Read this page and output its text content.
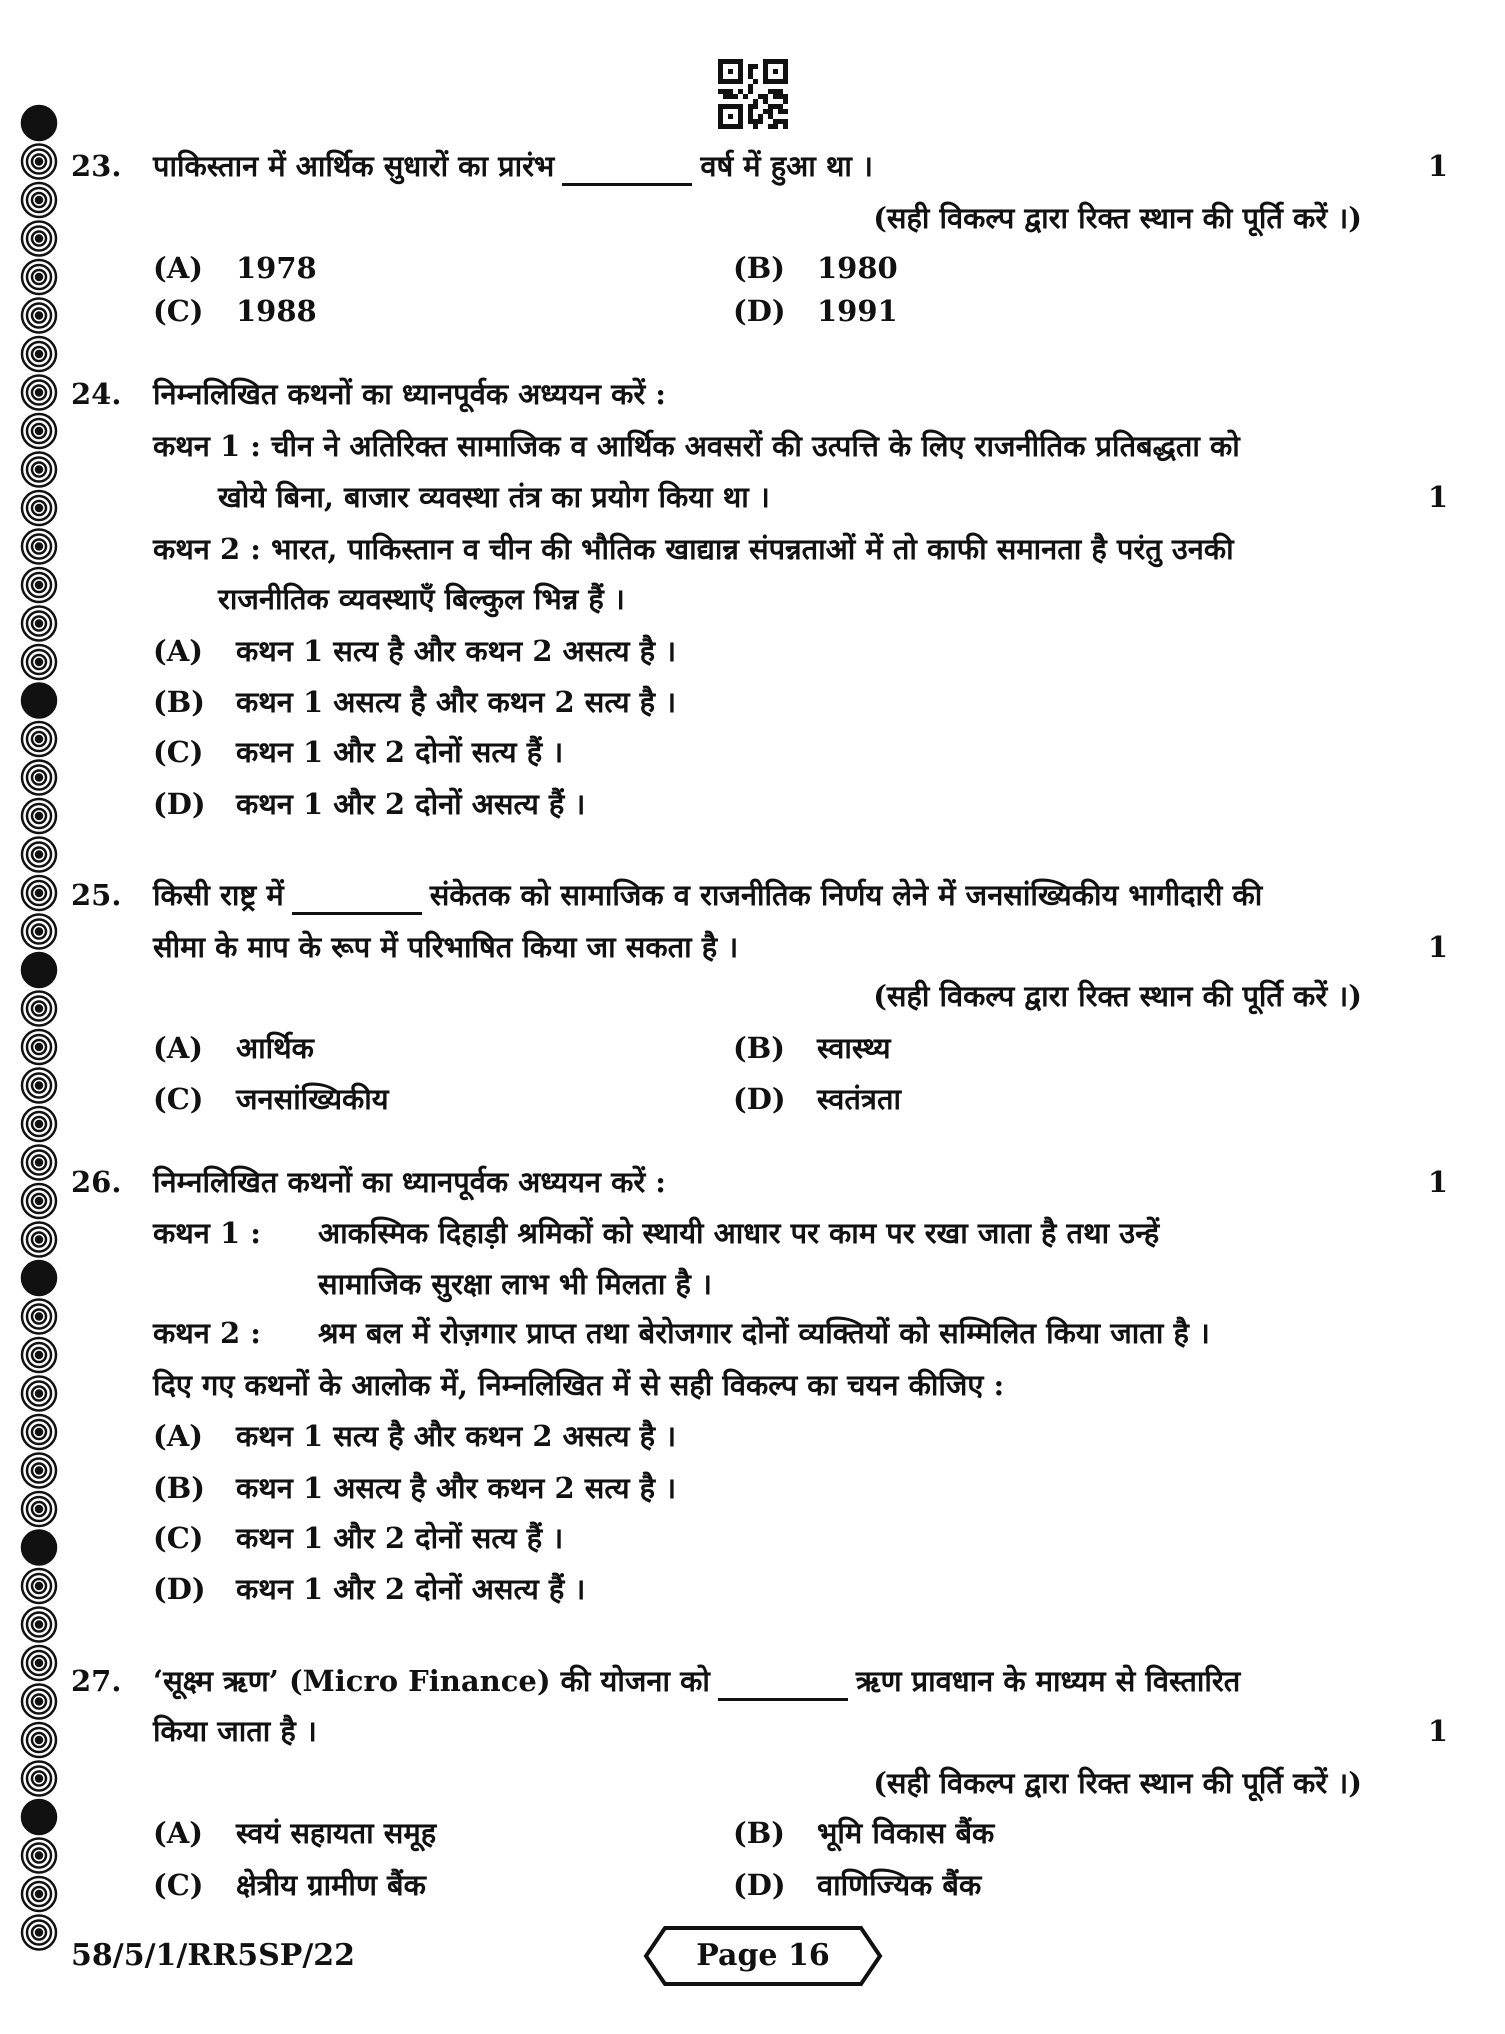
23. पाकिस्तान में आर्थिक सुधारों का प्रारंभ	वर्ष में हुआ था ।	1
(सही विकल्प द्वारा रिक्त स्थान की पूर्ति करें ।)
(A) 1978	(B) 1980
(C) 1988	(D) 1991
24. निम्नलिखित कथनों का ध्यानपूर्वक अध्ययन करें :
कथन 1 : चीन ने अतिरिक्त सामाजिक व आर्थिक अवसरों की उत्पत्ति के लिए राजनीतिक प्रतिबद्धता को
खोये बिना, बाजार व्यवस्था तंत्र का प्रयोग किया था ।	1
कथन 2 : भारत, पाकिस्तान व चीन की भौतिक खाद्यान्न संपन्नताओं में तो काफी समानता है परंतु उनकी
राजनीतिक व्यवस्थाएँ बिल्कुल भिन्न हैं ।
(A) कथन 1 सत्य है और कथन 2 असत्य है ।
(B) कथन 1 असत्य है और कथन 2 सत्य है ।
(C) कथन 1 और 2 दोनों सत्य हैं ।
(D) कथन 1 और 2 दोनों असत्य हैं ।
25. किसी राष्ट्र में	संकेतक को सामाजिक व राजनीतिक निर्णय लेने में जनसांख्यिकीय भागीदारी की
सीमा के माप के रूप में परिभाषित किया जा सकता है ।	1
(सही विकल्प द्वारा रिक्त स्थान की पूर्ति करें ।)
(A) आर्थिक	(B) स्वास्थ्य
(C) जनसांख्यिकीय	(D) स्वतंत्रता
26. निम्नलिखित कथनों का ध्यानपूर्वक अध्ययन करें :	1
कथन 1 : आकस्मिक दिहाड़ी श्रमिकों को स्थायी आधार पर काम पर रखा जाता है तथा उन्हें
सामाजिक सुरक्षा लाभ भी मिलता है ।
कथन 2 : श्रम बल में रोज़गार प्राप्त तथा बेरोजगार दोनों व्यक्तियों को सम्मिलित किया जाता है ।
दिए गए कथनों के आलोक में, निम्नलिखित में से सही विकल्प का चयन कीजिए :
(A) कथन 1 सत्य है और कथन 2 असत्य है ।
(B) कथन 1 असत्य है और कथन 2 सत्य है ।
(C) कथन 1 और 2 दोनों सत्य हैं ।
(D) कथन 1 और 2 दोनों असत्य हैं ।
27. ‘सूक्ष्म ऋण’ (Micro Finance) की योजना को	ऋण प्रावधान के माध्यम से विस्तारित
किया जाता है ।	1
(सही विकल्प द्वारा रिक्त स्थान की पूर्ति करें ।)
(A) स्वयं सहायता समूह	(B) भूमि विकास बैंक
(C) क्षेत्रीय ग्रामीण बैंक	(D) वाणिज्यिक बैंक
58/5/1/RR5SP/22	Page 16
